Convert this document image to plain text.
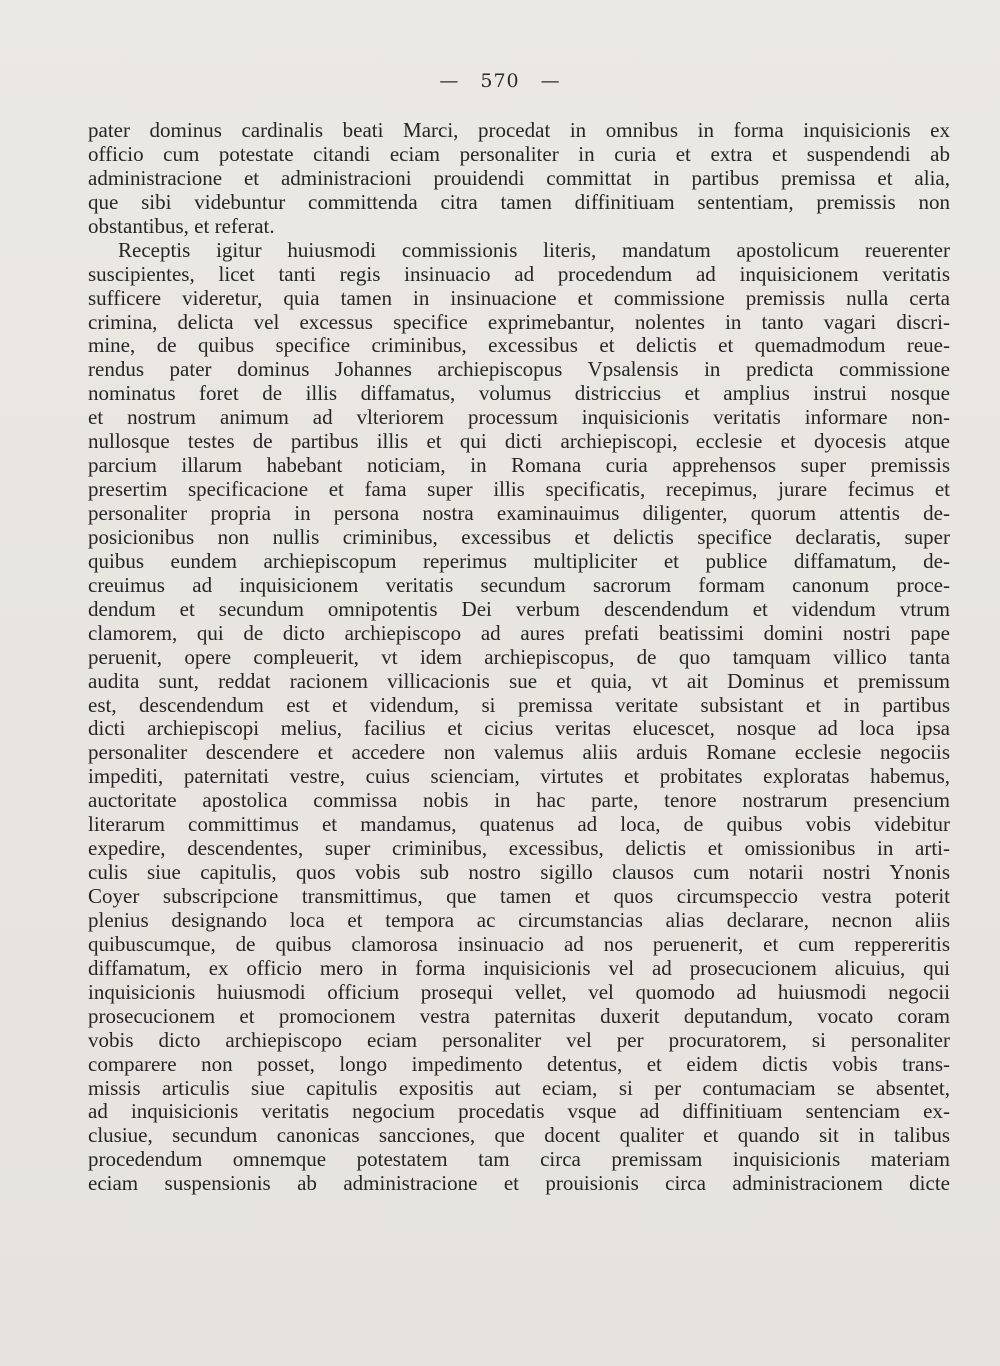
— 570 —
pater dominus cardinalis beati Marci, procedat in omnibus in forma inquisicionis ex
officio cum potestate citandi eciam personaliter in curia et extra et suspendendi ab
administracione et administracioni prouidendi committat in partibus premissa et alia,
que sibi videbuntur committenda citra tamen diffinitiuam sententiam, premissis non
obstantibus, et referat.
Receptis igitur huiusmodi commissionis literis, mandatum apostolicum reuerenter
suscipientes, licet tanti regis insinuacio ad procedendum ad inquisicionem veritatis
sufficere videretur, quia tamen in insinuacione et commissione premissis nulla certa
crimina, delicta vel excessus specifice exprimebantur, nolentes in tanto vagari discri-
mine, de quibus specifice criminibus, excessibus et delictis et quemadmodum reue-
rendus pater dominus Johannes archiepiscopus Vpsalensis in predicta commissione
nominatus foret de illis diffamatus, volumus districcius et amplius instrui nosque
et nostrum animum ad vlteriorem processum inquisicionis veritatis informare non-
nullosque testes de partibus illis et qui dicti archiepiscopi, ecclesie et dyocesis atque
parcium illarum habebant noticiam, in Romana curia apprehensos super premissis
presertim specificacione et fama super illis specificatis, recepimus, jurare fecimus et
personaliter propria in persona nostra examinauimus diligenter, quorum attentis de-
posicionibus non nullis criminibus, excessibus et delictis specifice declaratis, super
quibus eundem archiepiscopum reperimus multipliciter et publice diffamatum, de-
creuimus ad inquisicionem veritatis secundum sacrorum formam canonum proce-
dendum et secundum omnipotentis Dei verbum descendendum et videndum vtrum
clamorem, qui de dicto archiepiscopo ad aures prefati beatissimi domini nostri pape
peruenit, opere compleuerit, vt idem archiepiscopus, de quo tamquam villico tanta
audita sunt, reddat racionem villicacionis sue et quia, vt ait Dominus et premissum
est, descendendum est et videndum, si premissa veritate subsistant et in partibus
dicti archiepiscopi melius, facilius et cicius veritas elucescet, nosque ad loca ipsa
personaliter descendere et accedere non valemus aliis arduis Romane ecclesie negociis
impediti, paternitati vestre, cuius scienciam, virtutes et probitates exploratas habemus,
auctoritate apostolica commissa nobis in hac parte, tenore nostrarum presencium
literarum committimus et mandamus, quatenus ad loca, de quibus vobis videbitur
expedire, descendentes, super criminibus, excessibus, delictis et omissionibus in arti-
culis siue capitulis, quos vobis sub nostro sigillo clausos cum notarii nostri Ynonis
Coyer subscripcione transmittimus, que tamen et quos circumspeccio vestra poterit
plenius designando loca et tempora ac circumstancias alias declarare, necnon aliis
quibuscumque, de quibus clamorosa insinuacio ad nos peruenerit, et cum reppereritis
diffamatum, ex officio mero in forma inquisicionis vel ad prosecucionem alicuius, qui
inquisicionis huiusmodi officium prosequi vellet, vel quomodo ad huiusmodi negocii
prosecucionem et promocionem vestra paternitas duxerit deputandum, vocato coram
vobis dicto archiepiscopo eciam personaliter vel per procuratorem, si personaliter
comparere non posset, longo impedimento detentus, et eidem dictis vobis trans-
missis articulis siue capitulis expositis aut eciam, si per contumaciam se absentet,
ad inquisicionis veritatis negocium procedatis vsque ad diffinitiuam sentenciam ex-
clusiue, secundum canonicas sancciones, que docent qualiter et quando sit in talibus
procedendum omnemque potestatem tam circa premissam inquisicionis materiam
eciam suspensionis ab administracione et prouisionis circa administracionem dicte
